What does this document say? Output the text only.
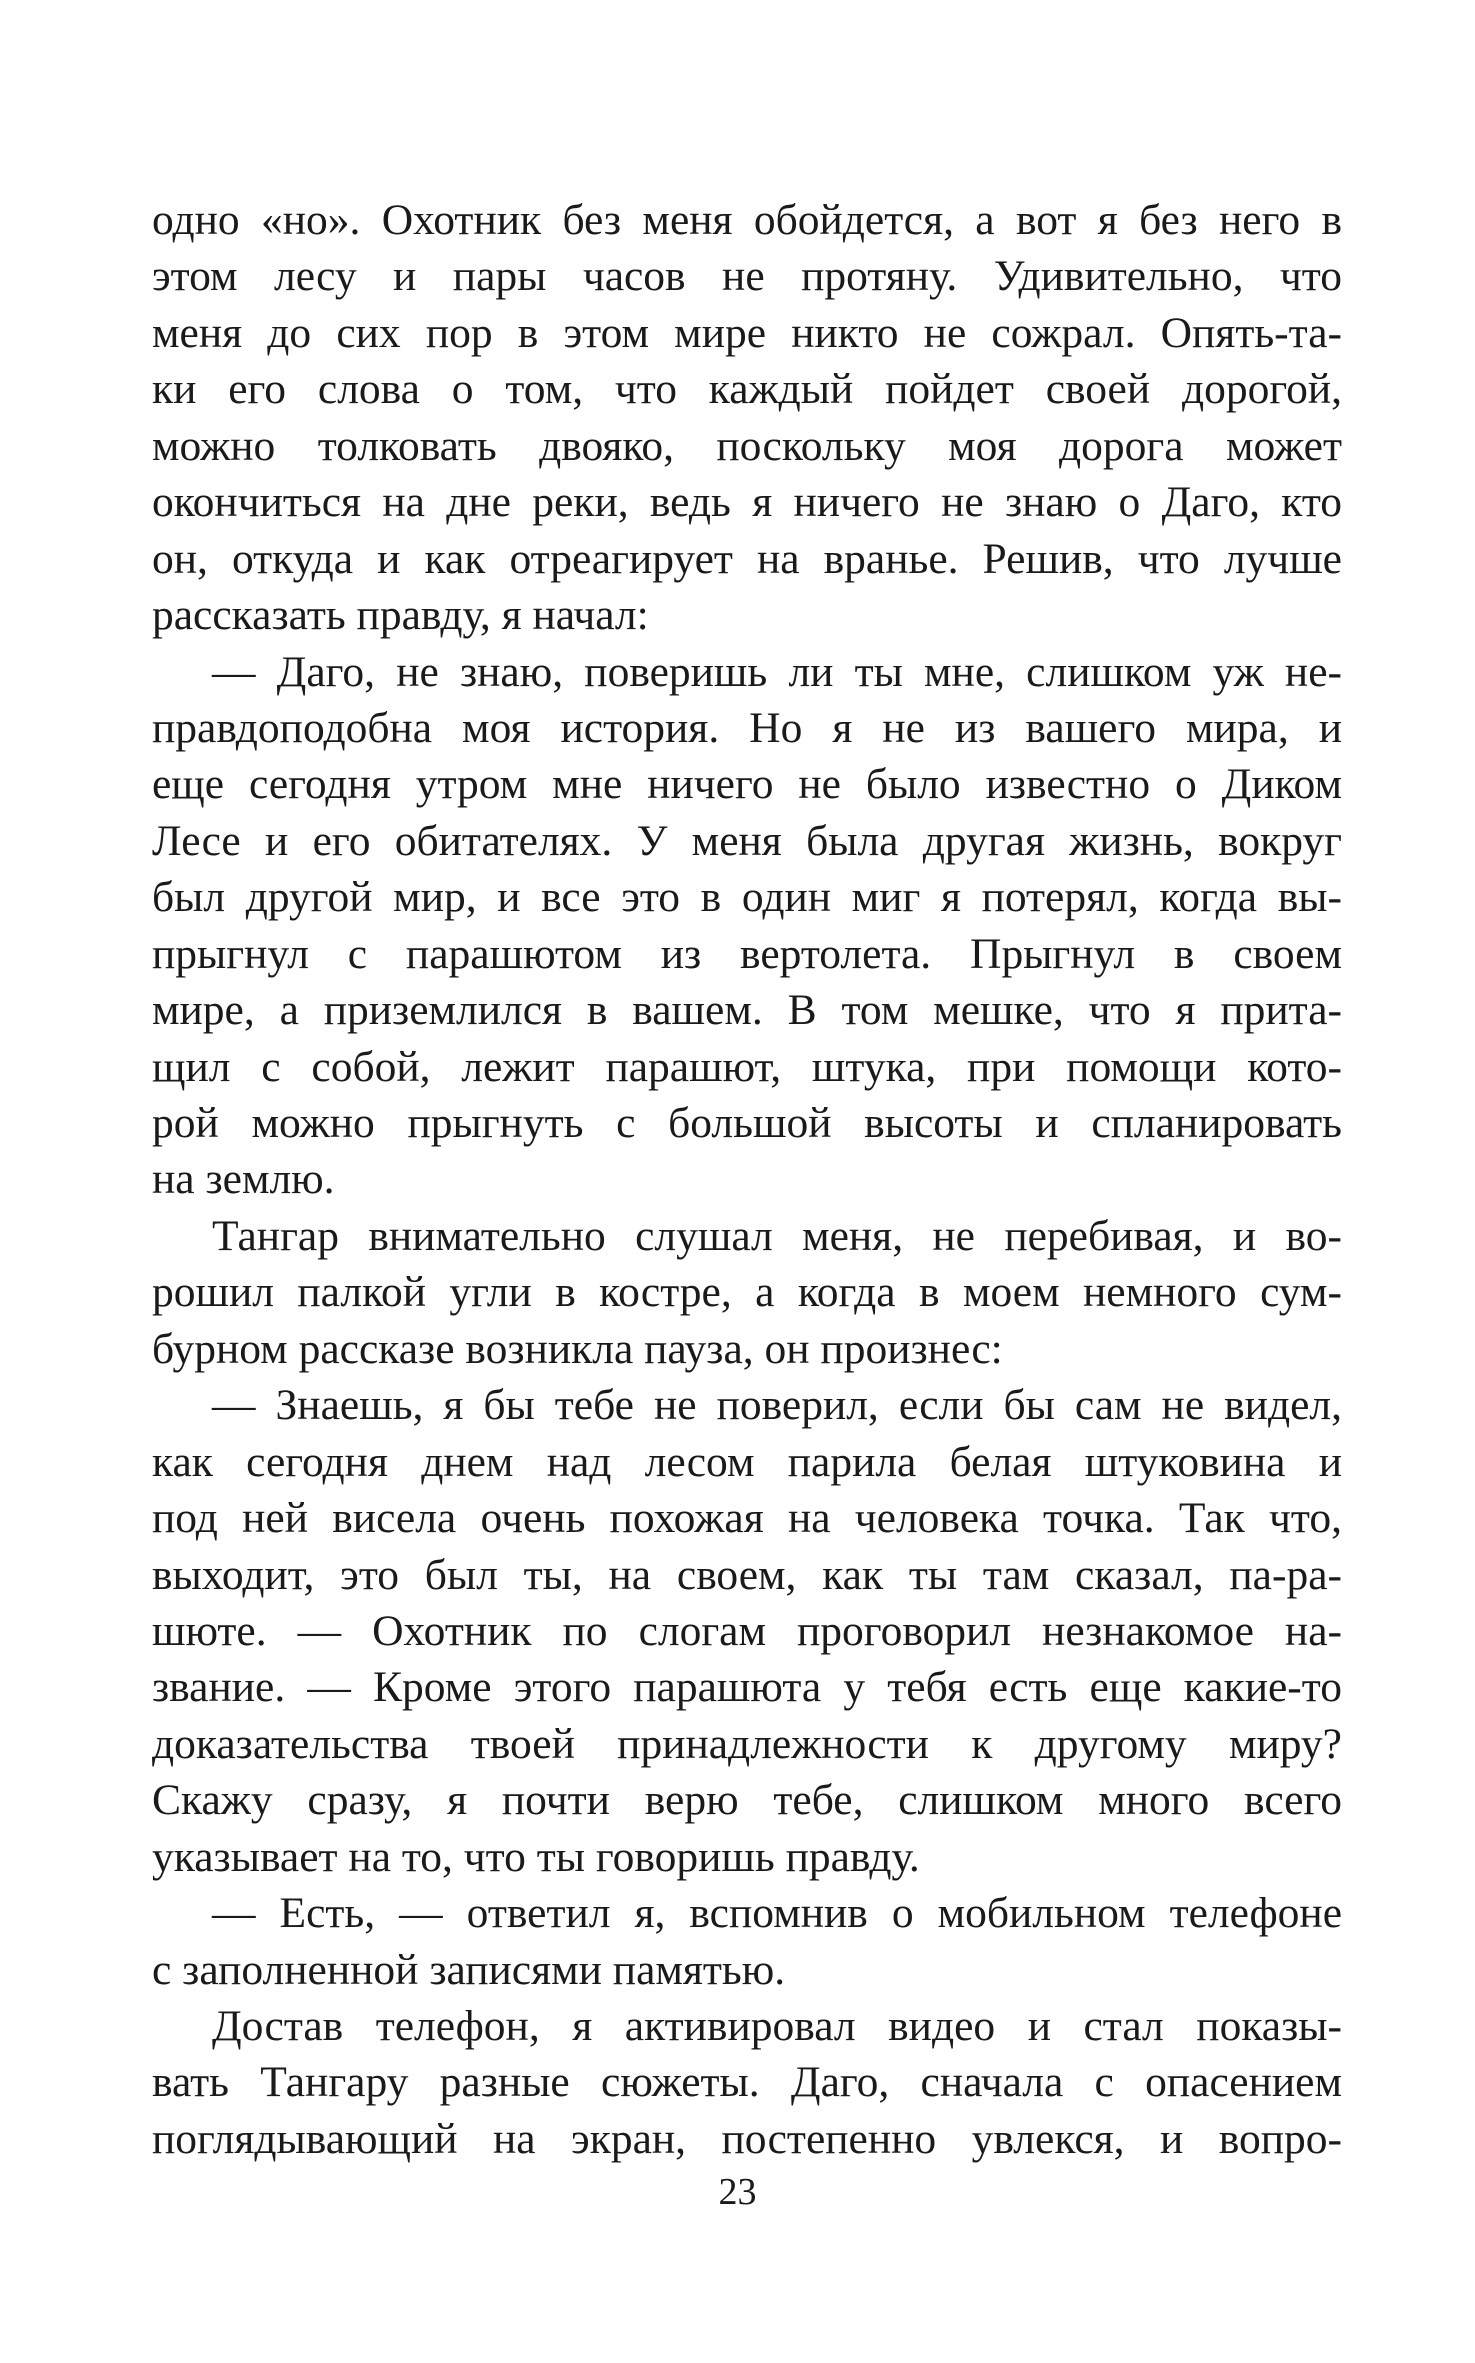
одно «но». Охотник без меня обойдется, а вот я без него в
этом лесу и пары часов не протяну. Удивительно, что
меня до сих пор в этом мире никто не сожрал. Опять-та-
ки его слова о том, что каждый пойдет своей дорогой,
можно толковать двояко, поскольку моя дорога может
окончиться на дне реки, ведь я ничего не знаю о Даго, кто
он, откуда и как отреагирует на вранье. Решив, что лучше
рассказать правду, я начал:
— Даго, не знаю, поверишь ли ты мне, слишком уж не-
правдоподобна моя история. Но я не из вашего мира, и
еще сегодня утром мне ничего не было известно о Диком
Лесе и его обитателях. У меня была другая жизнь, вокруг
был другой мир, и все это в один миг я потерял, когда вы-
прыгнул с парашютом из вертолета. Прыгнул в своем
мире, а приземлился в вашем. В том мешке, что я прита-
щил с собой, лежит парашют, штука, при помощи кото-
рой можно прыгнуть с большой высоты и спланировать
на землю.
Тангар внимательно слушал меня, не перебивая, и во-
рошил палкой угли в костре, а когда в моем немного сум-
бурном рассказе возникла пауза, он произнес:
— Знаешь, я бы тебе не поверил, если бы сам не видел,
как сегодня днем над лесом парила белая штуковина и
под ней висела очень похожая на человека точка. Так что,
выходит, это был ты, на своем, как ты там сказал, па-ра-
шюте. — Охотник по слогам проговорил незнакомое на-
звание. — Кроме этого парашюта у тебя есть еще какие-то
доказательства твоей принадлежности к другому миру?
Скажу сразу, я почти верю тебе, слишком много всего
указывает на то, что ты говоришь правду.
— Есть, — ответил я, вспомнив о мобильном телефоне
с заполненной записями памятью.
Достав телефон, я активировал видео и стал показы-
вать Тангару разные сюжеты. Даго, сначала с опасением
поглядывающий на экран, постепенно увлекся, и вопро-
23
